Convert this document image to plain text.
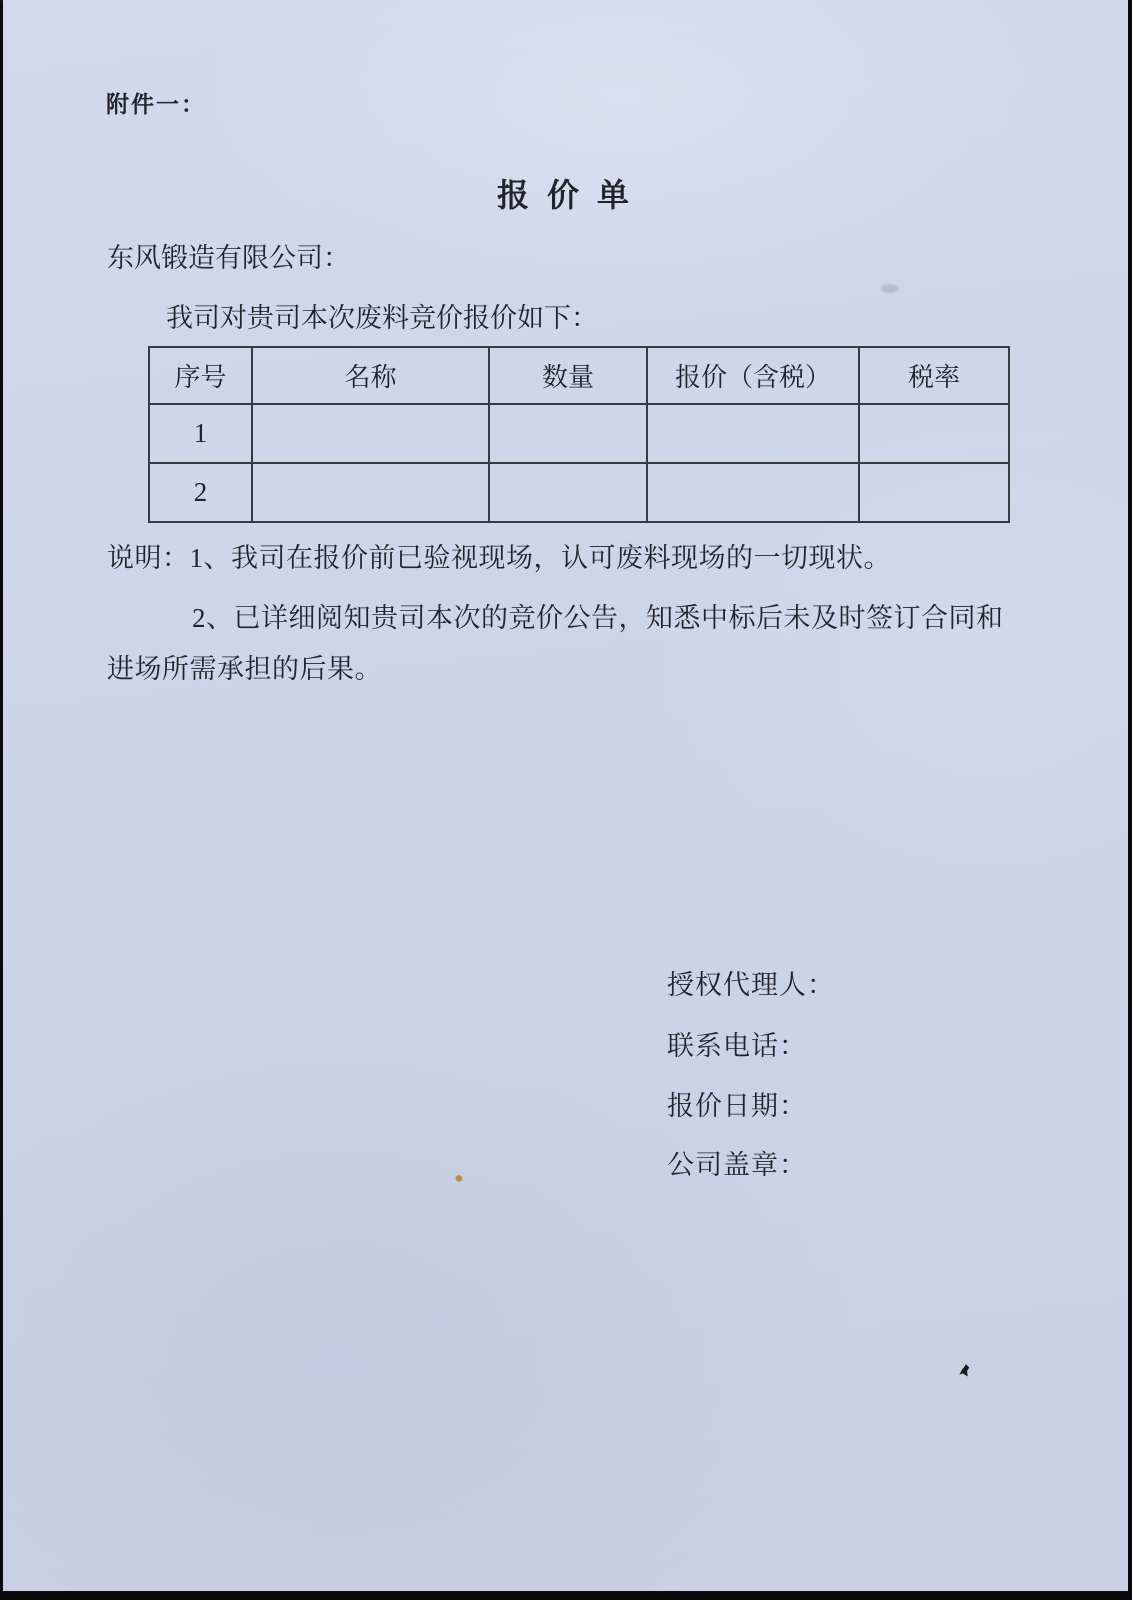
附件一：
报 价 单
东风锻造有限公司：
我司对贵司本次废料竞价报价如下：
序号	名称	数量	报价（含税）	税率
1				
2				

说明：1、我司在报价前已验视现场，认可废料现场的一切现状。

2、已详细阅知贵司本次的竞价公告，知悉中标后未及时签订合同和

进场所需承担的后果。

授权代理人：
联系电话：
报价日期：
公司盖章：
